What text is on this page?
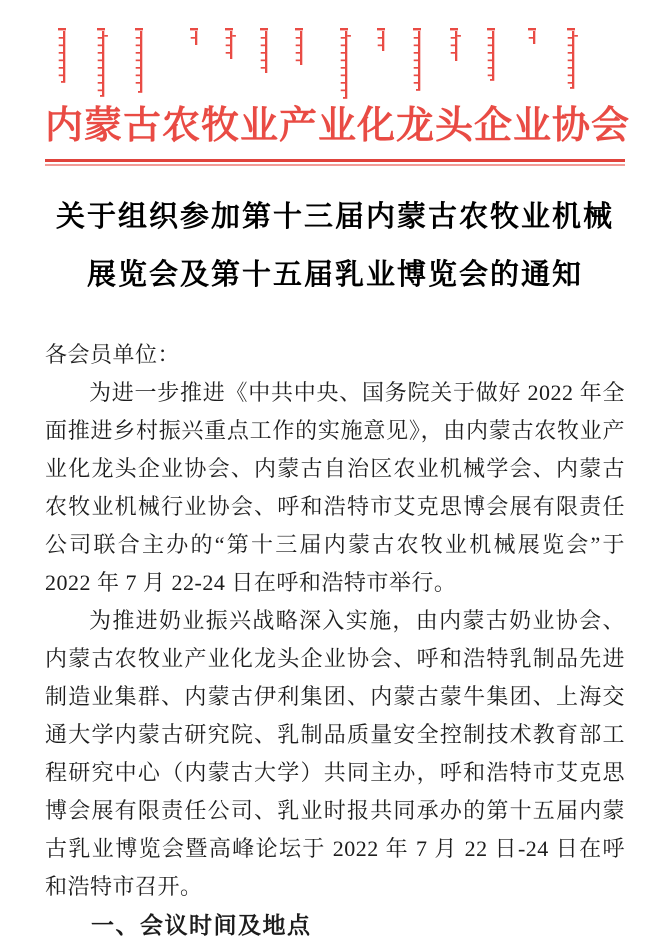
内蒙古农牧业产业化龙头企业协会
关于组织参加第十三届内蒙古农牧业机械
展览会及第十五届乳业博览会的通知

各会员单位：

为进一步推进《中共中央、国务院关于做好 2022 年全面推进乡村振兴重点工作的实施意见》，由内蒙古农牧业产业化龙头企业协会、内蒙古自治区农业机械学会、内蒙古农牧业机械行业协会、呼和浩特市艾克思博会展有限责任公司联合主办的“第十三届内蒙古农牧业机械展览会”于 2022 年 7 月 22-24 日在呼和浩特市举行。

为推进奶业振兴战略深入实施，由内蒙古奶业协会、内蒙古农牧业产业化龙头企业协会、呼和浩特乳制品先进制造业集群、内蒙古伊利集团、内蒙古蒙牛集团、上海交通大学内蒙古研究院、乳制品质量安全控制技术教育部工程研究中心（内蒙古大学）共同主办，呼和浩特市艾克思博会展有限责任公司、乳业时报共同承办的第十五届内蒙古乳业博览会暨高峰论坛于 2022 年 7 月 22 日-24 日在呼和浩特市召开。

一、会议时间及地点
